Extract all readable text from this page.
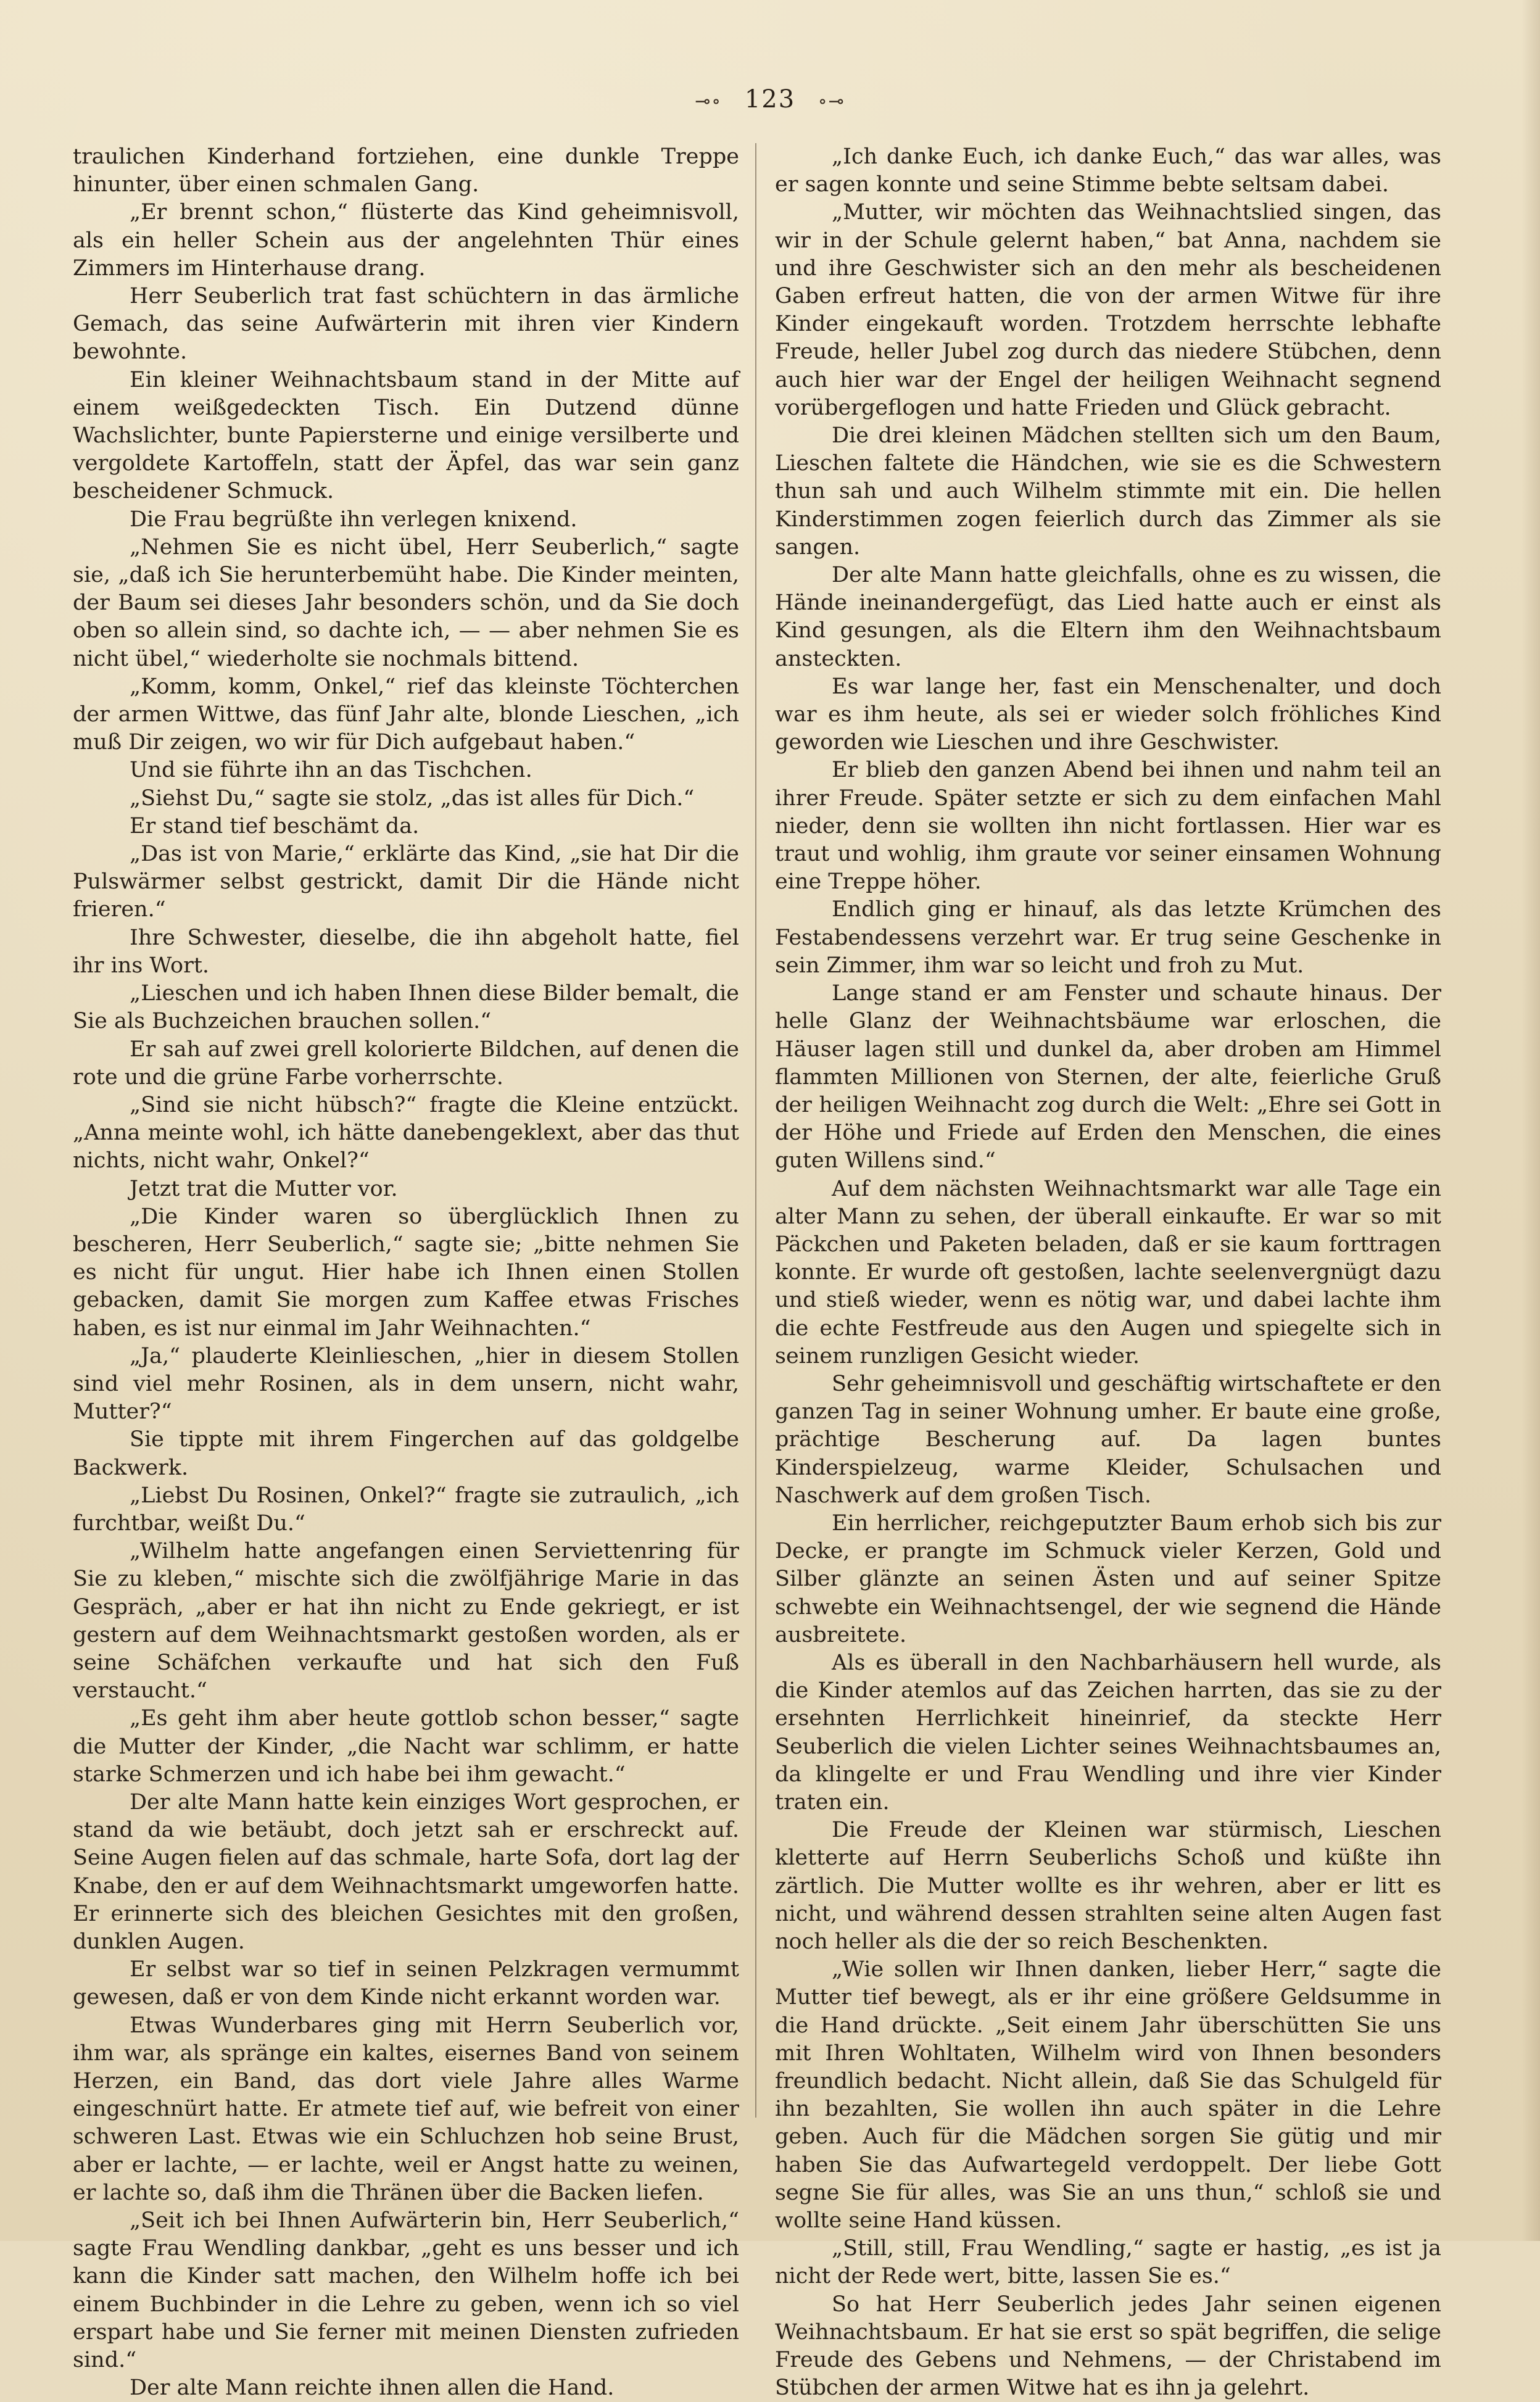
⊸∘ 123 ∘⊸

traulichen Kinderhand fortziehen, eine dunkle Treppe hinunter, über einen schmalen Gang.

„Er brennt schon,“ flüsterte das Kind geheimnisvoll, als ein heller Schein aus der angelehnten Thür eines Zimmers im Hinterhause drang.

Herr Seuberlich trat fast schüchtern in das ärmliche Gemach, das seine Aufwärterin mit ihren vier Kindern bewohnte.

Ein kleiner Weihnachtsbaum stand in der Mitte auf einem weißgedeckten Tisch. Ein Dutzend dünne Wachslichter, bunte Papiersterne und einige versilberte und vergoldete Kartoffeln, statt der Äpfel, das war sein ganz bescheidener Schmuck.

Die Frau begrüßte ihn verlegen knixend.

„Nehmen Sie es nicht übel, Herr Seuberlich,“ sagte sie, „daß ich Sie herunterbemüht habe. Die Kinder meinten, der Baum sei dieses Jahr besonders schön, und da Sie doch oben so allein sind, so dachte ich, — — aber nehmen Sie es nicht übel,“ wiederholte sie nochmals bittend.

„Komm, komm, Onkel,“ rief das kleinste Töchterchen der armen Wittwe, das fünf Jahr alte, blonde Lieschen, „ich muß Dir zeigen, wo wir für Dich aufgebaut haben.“

Und sie führte ihn an das Tischchen.

„Siehst Du,“ sagte sie stolz, „das ist alles für Dich.“

Er stand tief beschämt da.

„Das ist von Marie,“ erklärte das Kind, „sie hat Dir die Pulswärmer selbst gestrickt, damit Dir die Hände nicht frieren.“

Ihre Schwester, dieselbe, die ihn abgeholt hatte, fiel ihr ins Wort.

„Lieschen und ich haben Ihnen diese Bilder bemalt, die Sie als Buchzeichen brauchen sollen.“

Er sah auf zwei grell kolorierte Bildchen, auf denen die rote und die grüne Farbe vorherrschte.

„Sind sie nicht hübsch?“ fragte die Kleine entzückt. „Anna meinte wohl, ich hätte danebengeklext, aber das thut nichts, nicht wahr, Onkel?“

Jetzt trat die Mutter vor.

„Die Kinder waren so überglücklich Ihnen zu bescheren, Herr Seuberlich,“ sagte sie; „bitte nehmen Sie es nicht für ungut. Hier habe ich Ihnen einen Stollen gebacken, damit Sie morgen zum Kaffee etwas Frisches haben, es ist nur einmal im Jahr Weihnachten.“

„Ja,“ plauderte Kleinlieschen, „hier in diesem Stollen sind viel mehr Rosinen, als in dem unsern, nicht wahr, Mutter?“

Sie tippte mit ihrem Fingerchen auf das goldgelbe Backwerk.

„Liebst Du Rosinen, Onkel?“ fragte sie zutraulich, „ich furchtbar, weißt Du.“

„Wilhelm hatte angefangen einen Serviettenring für Sie zu kleben,“ mischte sich die zwölfjährige Marie in das Gespräch, „aber er hat ihn nicht zu Ende gekriegt, er ist gestern auf dem Weihnachtsmarkt gestoßen worden, als er seine Schäfchen verkaufte und hat sich den Fuß verstaucht.“

„Es geht ihm aber heute gottlob schon besser,“ sagte die Mutter der Kinder, „die Nacht war schlimm, er hatte starke Schmerzen und ich habe bei ihm gewacht.“

Der alte Mann hatte kein einziges Wort gesprochen, er stand da wie betäubt, doch jetzt sah er erschreckt auf. Seine Augen fielen auf das schmale, harte Sofa, dort lag der Knabe, den er auf dem Weihnachtsmarkt umgeworfen hatte. Er erinnerte sich des bleichen Gesichtes mit den großen, dunklen Augen.

Er selbst war so tief in seinen Pelzkragen vermummt gewesen, daß er von dem Kinde nicht erkannt worden war.

Etwas Wunderbares ging mit Herrn Seuberlich vor, ihm war, als spränge ein kaltes, eisernes Band von seinem Herzen, ein Band, das dort viele Jahre alles Warme eingeschnürt hatte. Er atmete tief auf, wie befreit von einer schweren Last. Etwas wie ein Schluchzen hob seine Brust, aber er lachte, — er lachte, weil er Angst hatte zu weinen, er lachte so, daß ihm die Thränen über die Backen liefen.

„Seit ich bei Ihnen Aufwärterin bin, Herr Seuberlich,“ sagte Frau Wendling dankbar, „geht es uns besser und ich kann die Kinder satt machen, den Wilhelm hoffe ich bei einem Buchbinder in die Lehre zu geben, wenn ich so viel erspart habe und Sie ferner mit meinen Diensten zufrieden sind.“

Der alte Mann reichte ihnen allen die Hand.

„Ich danke Euch, ich danke Euch,“ das war alles, was er sagen konnte und seine Stimme bebte seltsam dabei.

„Mutter, wir möchten das Weihnachtslied singen, das wir in der Schule gelernt haben,“ bat Anna, nachdem sie und ihre Geschwister sich an den mehr als bescheidenen Gaben erfreut hatten, die von der armen Witwe für ihre Kinder eingekauft worden. Trotzdem herrschte lebhafte Freude, heller Jubel zog durch das niedere Stübchen, denn auch hier war der Engel der heiligen Weihnacht segnend vorübergeflogen und hatte Frieden und Glück gebracht.

Die drei kleinen Mädchen stellten sich um den Baum, Lieschen faltete die Händchen, wie sie es die Schwestern thun sah und auch Wilhelm stimmte mit ein. Die hellen Kinderstimmen zogen feierlich durch das Zimmer als sie sangen.

Der alte Mann hatte gleichfalls, ohne es zu wissen, die Hände ineinandergefügt, das Lied hatte auch er einst als Kind gesungen, als die Eltern ihm den Weihnachtsbaum ansteckten.

Es war lange her, fast ein Menschenalter, und doch war es ihm heute, als sei er wieder solch fröhliches Kind geworden wie Lieschen und ihre Geschwister.

Er blieb den ganzen Abend bei ihnen und nahm teil an ihrer Freude. Später setzte er sich zu dem einfachen Mahl nieder, denn sie wollten ihn nicht fortlassen. Hier war es traut und wohlig, ihm graute vor seiner einsamen Wohnung eine Treppe höher.

Endlich ging er hinauf, als das letzte Krümchen des Festabendessens verzehrt war. Er trug seine Geschenke in sein Zimmer, ihm war so leicht und froh zu Mut.

Lange stand er am Fenster und schaute hinaus. Der helle Glanz der Weihnachtsbäume war erloschen, die Häuser lagen still und dunkel da, aber droben am Himmel flammten Millionen von Sternen, der alte, feierliche Gruß der heiligen Weihnacht zog durch die Welt: „Ehre sei Gott in der Höhe und Friede auf Erden den Menschen, die eines guten Willens sind.“

Auf dem nächsten Weihnachtsmarkt war alle Tage ein alter Mann zu sehen, der überall einkaufte. Er war so mit Päckchen und Paketen beladen, daß er sie kaum forttragen konnte. Er wurde oft gestoßen, lachte seelenvergnügt dazu und stieß wieder, wenn es nötig war, und dabei lachte ihm die echte Festfreude aus den Augen und spiegelte sich in seinem runzligen Gesicht wieder.

Sehr geheimnisvoll und geschäftig wirtschaftete er den ganzen Tag in seiner Wohnung umher. Er baute eine große, prächtige Bescherung auf. Da lagen buntes Kinderspielzeug, warme Kleider, Schulsachen und Naschwerk auf dem großen Tisch.

Ein herrlicher, reichgeputzter Baum erhob sich bis zur Decke, er prangte im Schmuck vieler Kerzen, Gold und Silber glänzte an seinen Ästen und auf seiner Spitze schwebte ein Weihnachtsengel, der wie segnend die Hände ausbreitete.

Als es überall in den Nachbarhäusern hell wurde, als die Kinder atemlos auf das Zeichen harrten, das sie zu der ersehnten Herrlichkeit hineinrief, da steckte Herr Seuberlich die vielen Lichter seines Weihnachtsbaumes an, da klingelte er und Frau Wendling und ihre vier Kinder traten ein.

Die Freude der Kleinen war stürmisch, Lieschen kletterte auf Herrn Seuberlichs Schoß und küßte ihn zärtlich. Die Mutter wollte es ihr wehren, aber er litt es nicht, und während dessen strahlten seine alten Augen fast noch heller als die der so reich Beschenkten.

„Wie sollen wir Ihnen danken, lieber Herr,“ sagte die Mutter tief bewegt, als er ihr eine größere Geldsumme in die Hand drückte. „Seit einem Jahr überschütten Sie uns mit Ihren Wohltaten, Wilhelm wird von Ihnen besonders freundlich bedacht. Nicht allein, daß Sie das Schulgeld für ihn bezahlten, Sie wollen ihn auch später in die Lehre geben. Auch für die Mädchen sorgen Sie gütig und mir haben Sie das Aufwartegeld verdoppelt. Der liebe Gott segne Sie für alles, was Sie an uns thun,“ schloß sie und wollte seine Hand küssen.

„Still, still, Frau Wendling,“ sagte er hastig, „es ist ja nicht der Rede wert, bitte, lassen Sie es.“

So hat Herr Seuberlich jedes Jahr seinen eigenen Weihnachtsbaum. Er hat sie erst so spät begriffen, die selige Freude des Gebens und Nehmens, — der Christabend im Stübchen der armen Witwe hat es ihn ja gelehrt.
